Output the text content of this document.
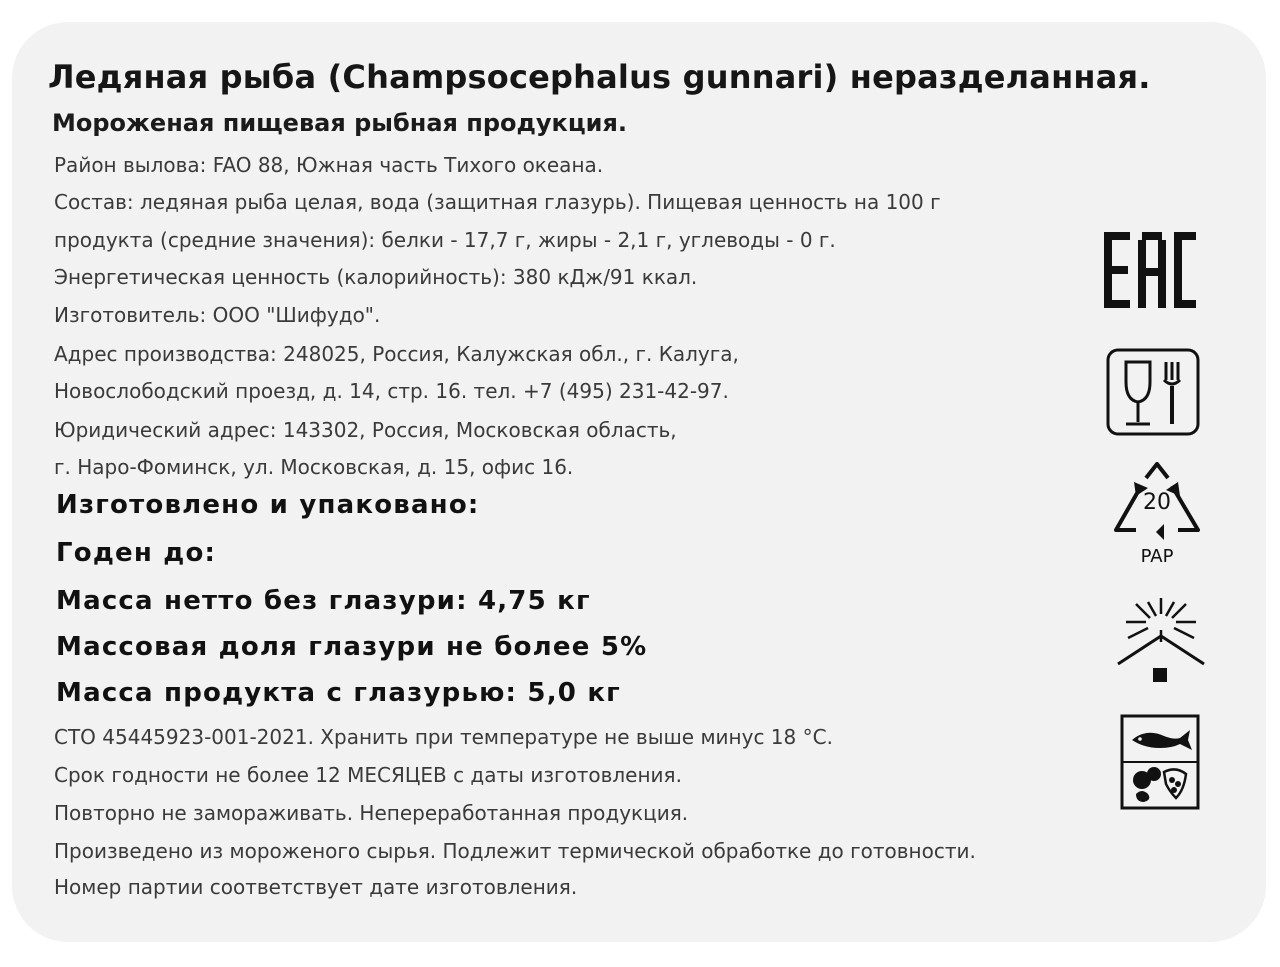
Ледяная рыба (Champsocephalus gunnari) неразделанная.
Мороженая пищевая рыбная продукция.
Район вылова: FAO 88, Южная часть Тихого океана.
Состав: ледяная рыба целая, вода (защитная глазурь). Пищевая ценность на 100 г
продукта (средние значения): белки - 17,7 г, жиры - 2,1 г, углеводы - 0 г.
Энергетическая ценность (калорийность): 380 кДж/91 ккал.
Изготовитель: ООО "Шифудо".
Адрес производства: 248025, Россия, Калужская обл., г. Калуга,
Новослободский проезд, д. 14, стр. 16. тел. +7 (495) 231-42-97.
Юридический адрес: 143302, Россия, Московская область,
г. Наро-Фоминск, ул. Московская, д. 15, офис 16.
Изготовлено и упаковано:
Годен до:
Масса нетто без глазури: 4,75 кг
Массовая доля глазури не более 5%
Масса продукта с глазурью: 5,0 кг
СТО 45445923-001-2021. Хранить при температуре не выше минус 18 °С.
Срок годности не более 12 МЕСЯЦЕВ с даты изготовления.
Повторно не замораживать. Непереработанная продукция.
Произведено из мороженого сырья. Подлежит термической обработке до готовности.
Номер партии соответствует дате изготовления.
20
PAP
